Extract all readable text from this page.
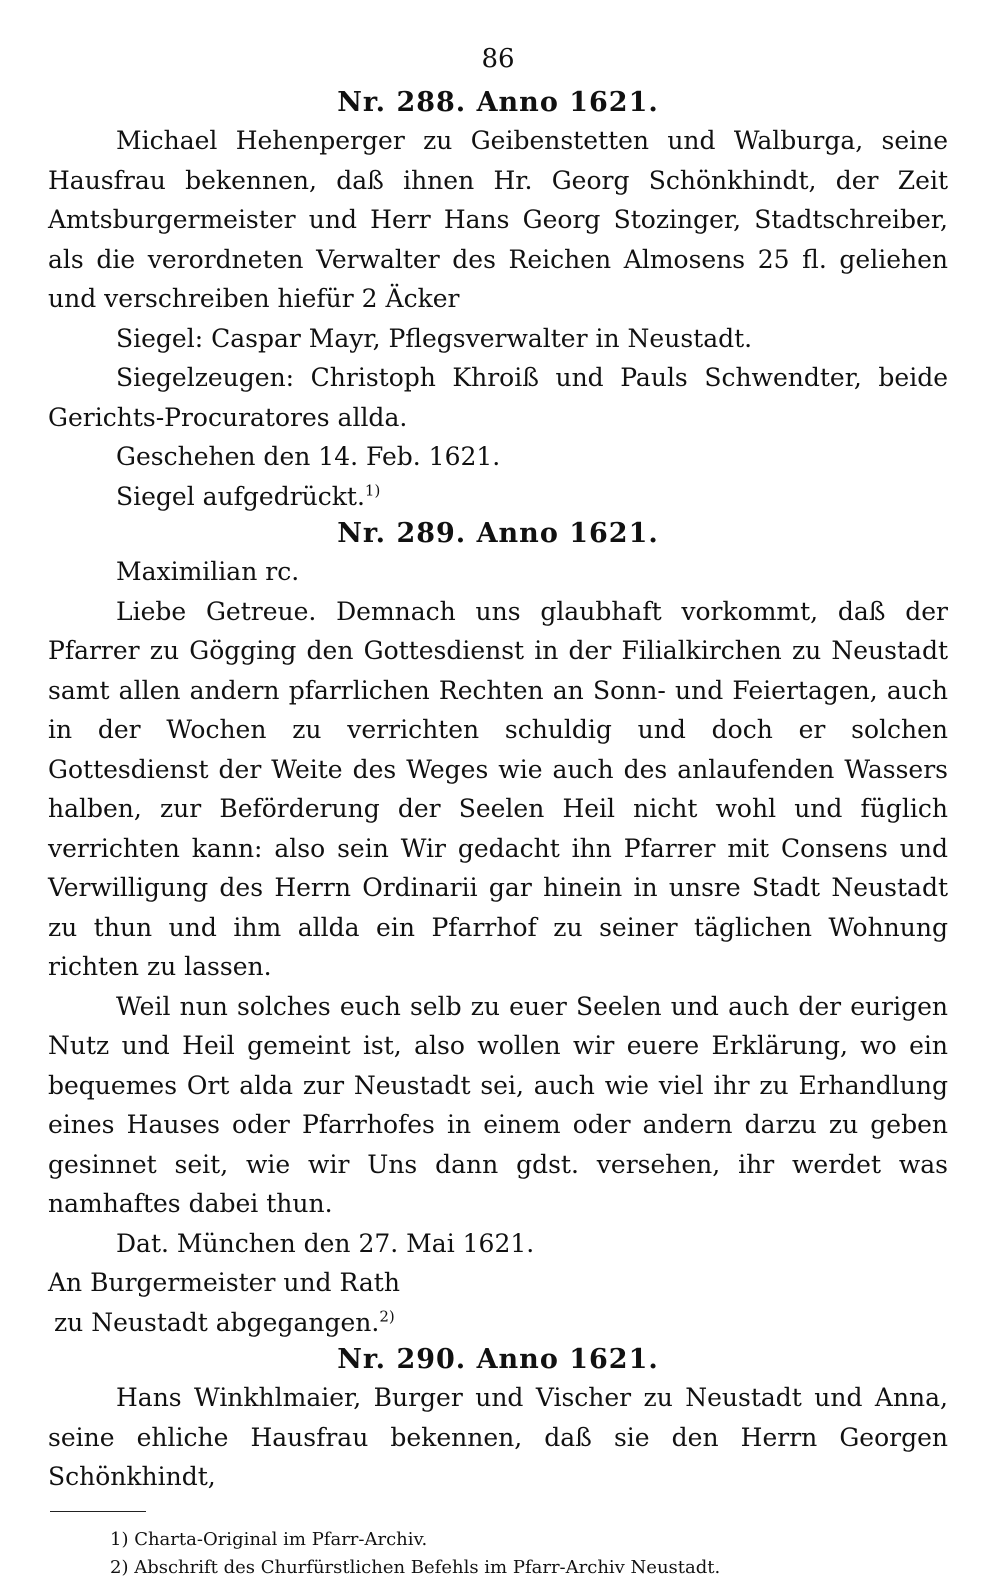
86
Nr. 288. Anno 1621.

Michael Hehenperger zu Geibenstetten und Walburga, seine Hausfrau bekennen, daß ihnen Hr. Georg Schönkhindt, der Zeit Amtsburgermeister und Herr Hans Georg Stozinger, Stadtschreiber, als die verordneten Verwalter des Reichen Almosens 25 fl. geliehen und verschreiben hiefür 2 Äcker

Siegel: Caspar Mayr, Pflegsverwalter in Neustadt.

Siegelzeugen: Christoph Khroiß und Pauls Schwendter, beide Gerichts-Procuratores allda.

Geschehen den 14. Feb. 1621.

Siegel aufgedrückt.$^{1)}$

Nr. 289. Anno 1621.

Maximilian rc.

Liebe Getreue. Demnach uns glaubhaft vorkommt, daß der Pfarrer zu Gögging den Gottesdienst in der Filialkirchen zu Neustadt samt allen andern pfarrlichen Rechten an Sonn- und Feiertagen, auch in der Wochen zu verrichten schuldig und doch er solchen Gottesdienst der Weite des Weges wie auch des anlaufenden Wassers halben, zur Beförderung der Seelen Heil nicht wohl und füglich verrichten kann: also sein Wir gedacht ihn Pfarrer mit Consens und Verwilligung des Herrn Ordinarii gar hinein in unsre Stadt Neustadt zu thun und ihm allda ein Pfarrhof zu seiner täglichen Wohnung richten zu lassen.

Weil nun solches euch selb zu euer Seelen und auch der eurigen Nutz und Heil gemeint ist, also wollen wir euere Erklärung, wo ein bequemes Ort alda zur Neustadt sei, auch wie viel ihr zu Erhandlung eines Hauses oder Pfarrhofes in einem oder andern darzu zu geben gesinnet seit, wie wir Uns dann gdst. versehen, ihr werdet was namhaftes dabei thun.

Dat. München den 27. Mai 1621.

An Burgermeister und Rath

zu Neustadt abgegangen.$^{2)}$

Nr. 290. Anno 1621.

Hans Winkhlmaier, Burger und Vischer zu Neustadt und Anna, seine ehliche Hausfrau bekennen, daß sie den Herrn Georgen Schönkhindt,

1) Charta-Original im Pfarr-Archiv.

2) Abschrift des Churfürstlichen Befehls im Pfarr-Archiv Neustadt.
